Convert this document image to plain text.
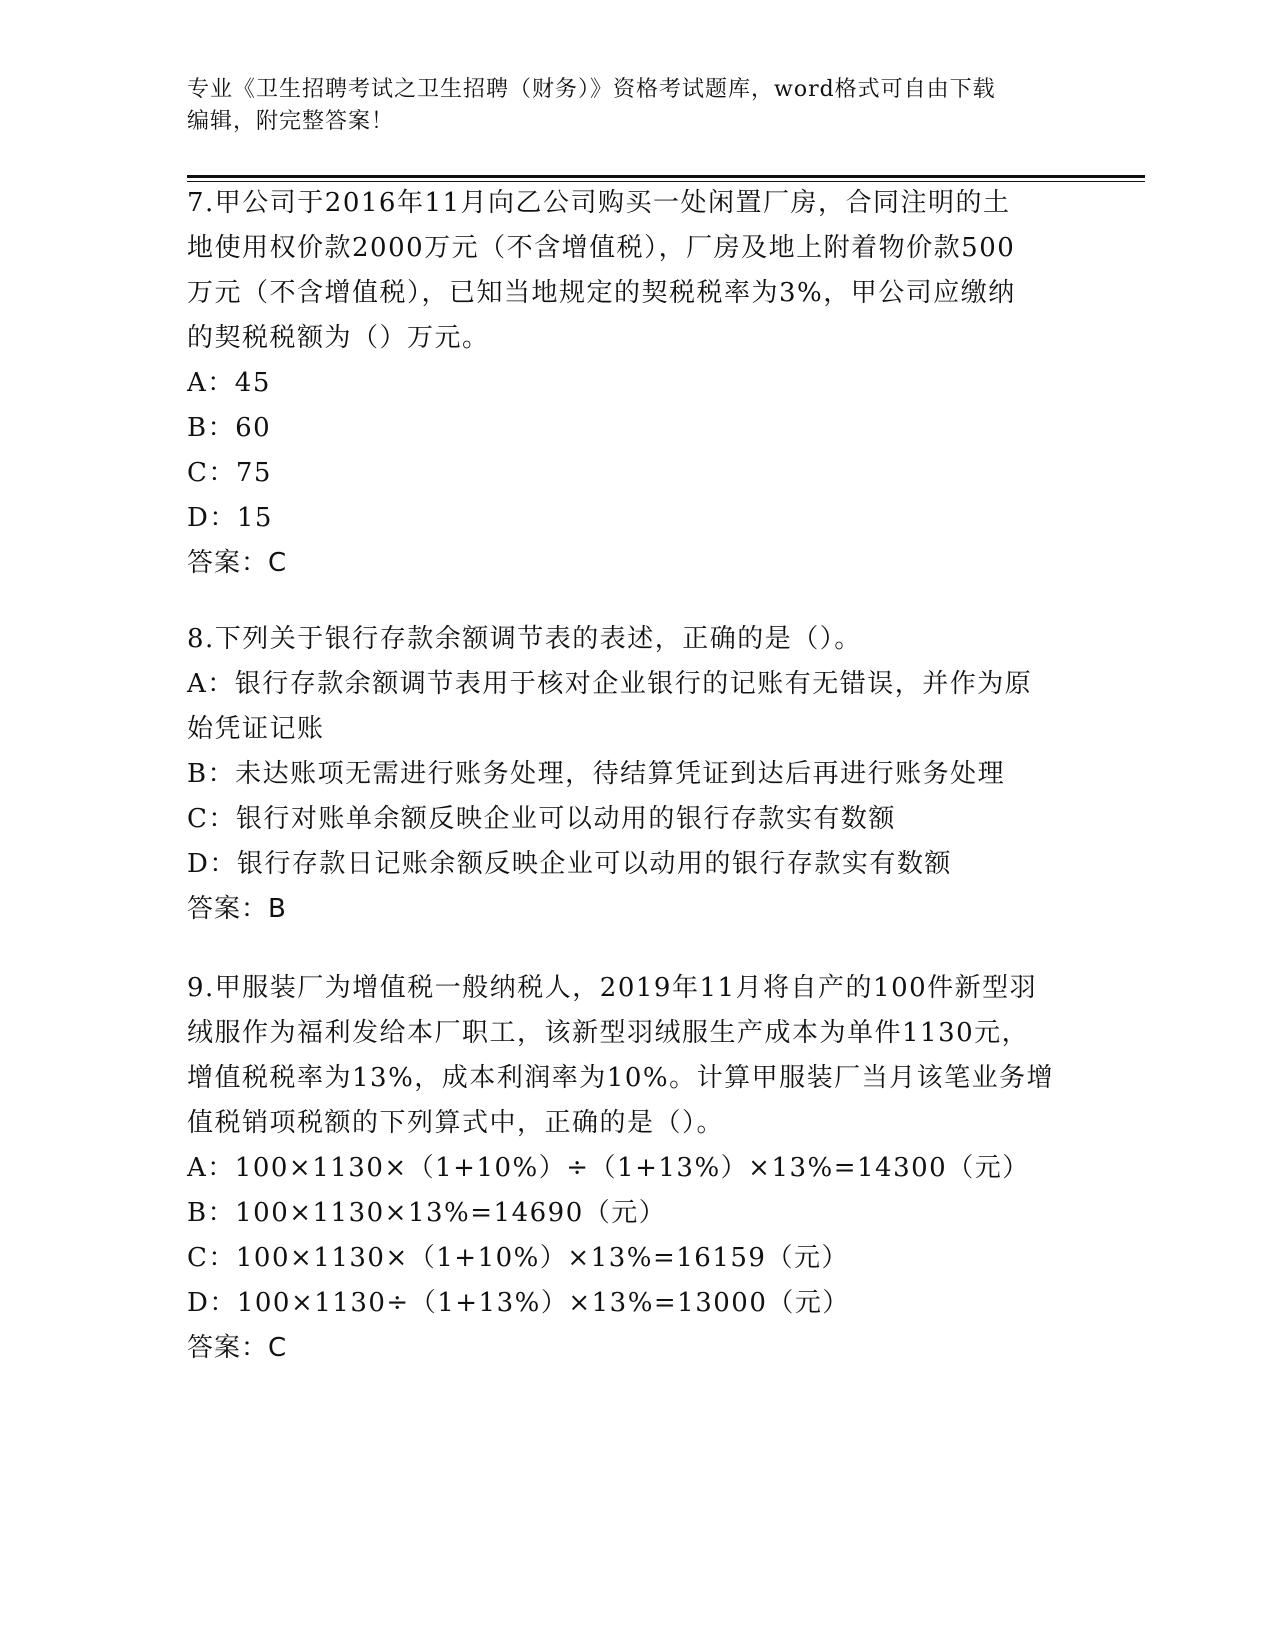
专业《卫生招聘考试之卫生招聘（财务）》资格考试题库，word格式可自由下载
编辑，附完整答案！
7.甲公司于2016年11月向乙公司购买一处闲置厂房，合同注明的土
地使用权价款2000万元（不含增值税），厂房及地上附着物价款500
万元（不含增值税），已知当地规定的契税税率为3%，甲公司应缴纳
的契税税额为（）万元。
A：45
B：60
C：75
D：15
答案：C
8.下列关于银行存款余额调节表的表述，正确的是（）。
A：银行存款余额调节表用于核对企业银行的记账有无错误，并作为原
始凭证记账
B：未达账项无需进行账务处理，待结算凭证到达后再进行账务处理
C：银行对账单余额反映企业可以动用的银行存款实有数额
D：银行存款日记账余额反映企业可以动用的银行存款实有数额
答案：B
9.甲服装厂为增值税一般纳税人，2019年11月将自产的100件新型羽
绒服作为福利发给本厂职工，该新型羽绒服生产成本为单件1130元，
增值税税率为13%，成本利润率为10%。计算甲服装厂当月该笔业务增
值税销项税额的下列算式中，正确的是（）。
A：100×1130×（1+10%）÷（1+13%）×13%=14300（元）
B：100×1130×13%=14690（元）
C：100×1130×（1+10%）×13%=16159（元）
D：100×1130÷（1+13%）×13%=13000（元）
答案：C
